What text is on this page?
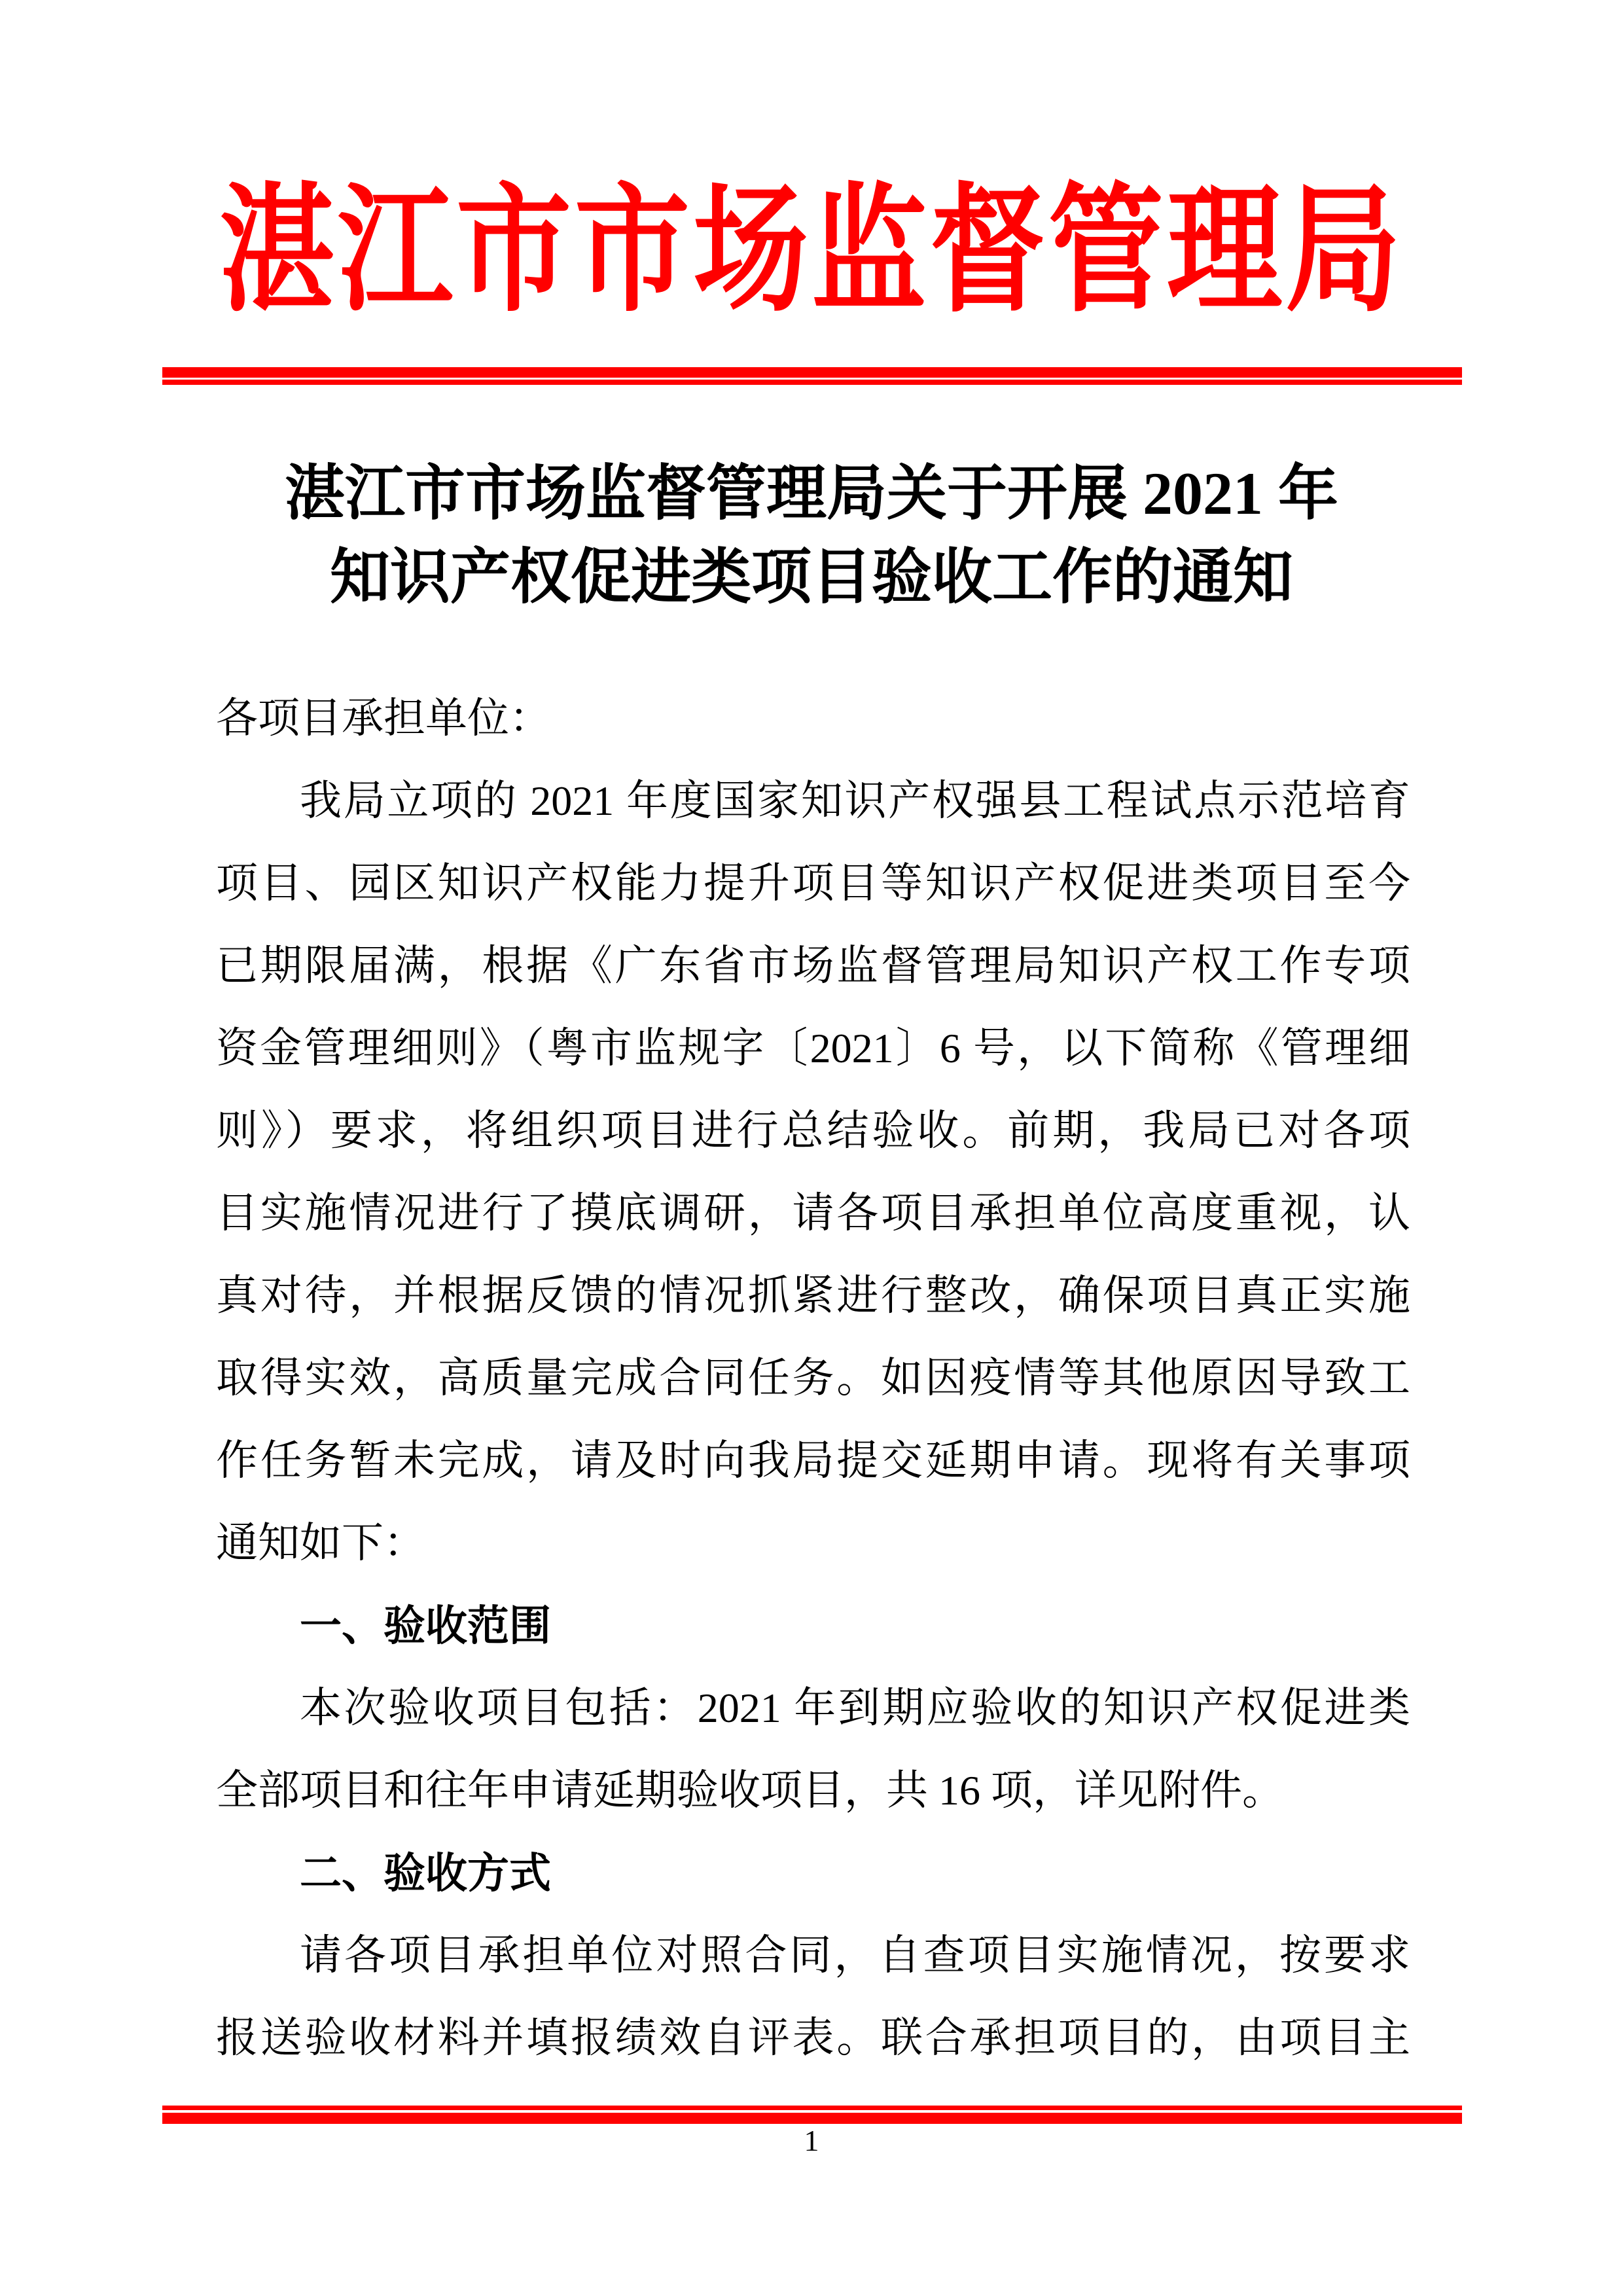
湛江市市场监督管理局
湛江市市场监督管理局关于开展 2021 年
知识产权促进类项目验收工作的通知
各项目承担单位：
我局立项的 2021 年度国家知识产权强县工程试点示范培育
项目、园区知识产权能力提升项目等知识产权促进类项目至今
已期限届满，根据《广东省市场监督管理局知识产权工作专项
资金管理细则》（粤市监规字〔2021〕6 号，以下简称《管理细
则》）要求，将组织项目进行总结验收。前期，我局已对各项
目实施情况进行了摸底调研，请各项目承担单位高度重视，认
真对待，并根据反馈的情况抓紧进行整改，确保项目真正实施
取得实效，高质量完成合同任务。如因疫情等其他原因导致工
作任务暂未完成，请及时向我局提交延期申请。现将有关事项
通知如下：
一、验收范围
本次验收项目包括：2021 年到期应验收的知识产权促进类
全部项目和往年申请延期验收项目，共 16 项，详见附件。
二、验收方式
请各项目承担单位对照合同，自查项目实施情况，按要求
报送验收材料并填报绩效自评表。联合承担项目的，由项目主
1
